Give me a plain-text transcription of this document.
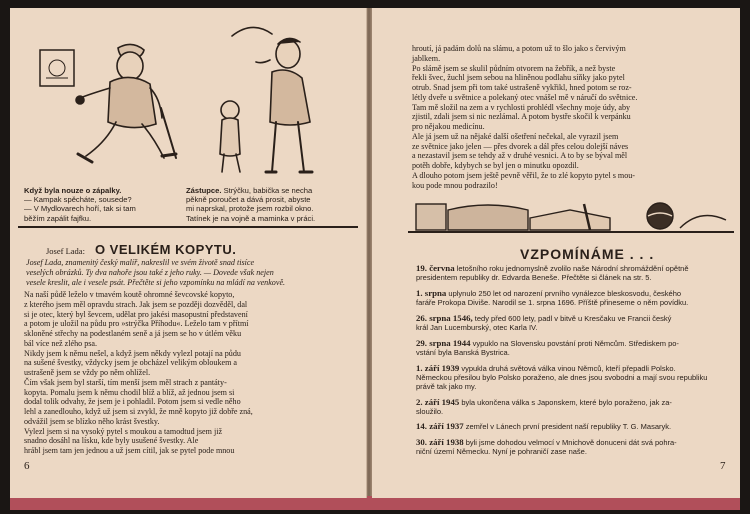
Když byla nouze o zápalky.
— Kampak spěcháte, sousede?
— V Mydlovarech hoří, tak si tam
běžím zapálit fajfku.
Zástupce. Strýčku, babička se necha
pěkně poroučet a dává prosit, abyste
mi naprskal, protože jsem rozbil okno.
Tatínek je na vojně a maminka v práci.
Josef Lada: O VELIKÉM KOPYTU.
Josef Lada, znamenitý český malíř, nakreslil ve svém životě snad tisíce
veselých obrázků. Ty dva nahoře jsou také z jeho ruky. — Dovede však nejen
vesele kreslit, ale i vesele psát. Přečtěte si jeho vzpomínku na mládí na venkově.
Na naší půdě leželo v tmavém koutě ohromné ševcovské kopyto,
z kterého jsem měl opravdu strach. Jak jsem se později dozvěděl, dal
si je otec, který byl ševcem, udělat pro jakési masopustní představení
a potom je uložil na půdu pro »strýčka Příhodu«. Leželo tam v přítmí
skloněné střechy na podestlaném seně a já jsem se ho v útlém věku
bál více než zlého psa.
Nikdy jsem k němu nešel, a když jsem někdy vylezl potají na půdu
na sušené švestky, vždycky jsem je obcházel velikým obloukem a
ustrašeně jsem se vždy po něm ohlížel.
Čím však jsem byl starší, tím menší jsem měl strach z pantáty-
kopyta. Pomalu jsem k němu chodil blíž a blíž, až jednou jsem si
dodal tolik odvahy, že jsem je i pohladil. Potom jsem si vedle něho
lehl a zanedlouho, když už jsem si zvykl, že mně kopyto již dobře zná,
odvážil jsem se blízko něho krást švestky.
Vylezl jsem si na vysoký pytel s moukou a tamodtud jsem již
snadno dosáhl na lísku, kde byly usušené švestky. Ale
hrábl jsem tam jen jednou a už jsem cítil, jak se pytel pode mnou
6
hroutí, já padám dolů na slámu, a potom už to šlo jako s červivým
jablkem.
Po slámě jsem se skulil půdním otvorem na žebřík, a než byste
řekli švec, žuchl jsem sebou na hliněnou podlahu síňky jako pytel
otrub. Snad jsem při tom také ustrašeně vykřikl, hned potom se roz-
létly dveře u světnice a polekaný otec vnášel mě v náručí do světnice.
Tam mě složil na zem a v rychlosti prohlédl všechny moje údy, aby
zjistil, zdali jsem si nic nezlámal. A potom bystře skočil k verpánku
pro nějakou medicínu.
Ale já jsem už na nějaké další ošetření nečekal, ale vyrazil jsem
ze světnice jako jelen — přes dvorek a dál přes celou dolejší náves
a nezastavil jsem se tehdy až v druhé vesnici. A to by se býval měl
potěh dobře, kdybych se byl jen o minutku opozdil.
A dlouho potom jsem ještě pevně věřil, že to zlé kopyto pytel s mou-
kou pode mnou podrazilo!
VZPOMÍNÁME . . .
19. června letošního roku jednomyslně zvolilo naše Národní shromáždění opětně
presidentem republiky dr. Edvarda Beneše. Přečtěte si článek na str. 5.
1. srpna uplynulo 250 let od narození prvního vynálezce bleskosvodu, českého
faráře Prokopa Diviše. Narodil se 1. srpna 1696. Příště přineseme o něm povídku.
26. srpna 1546, tedy před 600 lety, padl v bitvě u Kresčaku ve Francii český
král Jan Lucemburský, otec Karla IV.
29. srpna 1944 vypuklo na Slovensku povstání proti Němcům. Střediskem po-
vstání byla Banská Bystrica.
1. září 1939 vypukla druhá světová válka vinou Němců, kteří přepadli Polsko.
Německou přesilou bylo Polsko poraženo, ale dnes jsou svobodni a mají svou republiku
právě tak jako my.
2. září 1945 byla ukončena válka s Japonskem, které bylo poraženo, jak za-
sloužilo.
14. září 1937 zemřel v Lánech první president naší republiky T. G. Masaryk.
30. září 1938 byli jsme dohodou velmocí v Mnichově donuceni dát svá pohra-
niční území Německu. Nyní je pohraničí zase naše.
7
